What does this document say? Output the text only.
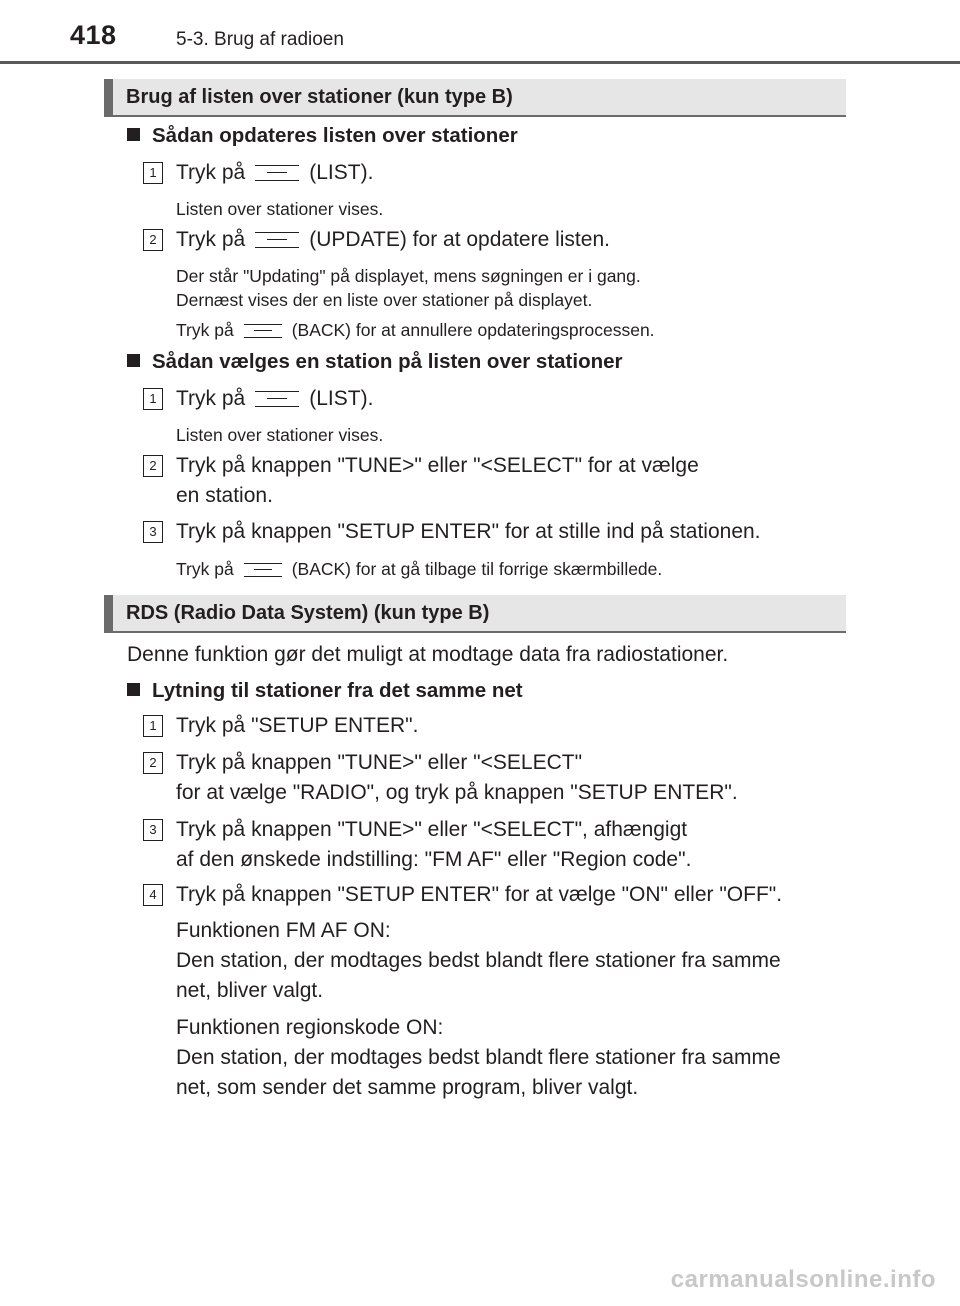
418	5-3. Brug af radioen
Brug af listen over stationer (kun type B)
Sådan opdateres listen over stationer
1 Tryk på	(LIST).
Listen over stationer vises.
2 Tryk på	(UPDATE) for at opdatere listen.
Der står "Updating" på displayet, mens søgningen er i gang.
Dernæst vises der en liste over stationer på displayet.
Tryk på	(BACK) for at annullere opdateringsprocessen.
Sådan vælges en station på listen over stationer
1 Tryk på	(LIST).
Listen over stationer vises.
2 Tryk på knappen "TUNE>" eller "<SELECT" for at vælge
en station.
3 Tryk på knappen "SETUP ENTER" for at stille ind på stationen.
Tryk på	(BACK) for at gå tilbage til forrige skærmbillede.
RDS (Radio Data System) (kun type B)
Denne funktion gør det muligt at modtage data fra radiostationer.
Lytning til stationer fra det samme net
1 Tryk på "SETUP ENTER".
2 Tryk på knappen "TUNE>" eller "<SELECT"
for at vælge "RADIO", og tryk på knappen "SETUP ENTER".
3 Tryk på knappen "TUNE>" eller "<SELECT", afhængigt
af den ønskede indstilling: "FM AF" eller "Region code".
4 Tryk på knappen "SETUP ENTER" for at vælge "ON" eller "OFF".
Funktionen FM AF ON:
Den station, der modtages bedst blandt flere stationer fra samme
net, bliver valgt.
Funktionen regionskode ON:
Den station, der modtages bedst blandt flere stationer fra samme
net, som sender det samme program, bliver valgt.
carmanualsonline.info
